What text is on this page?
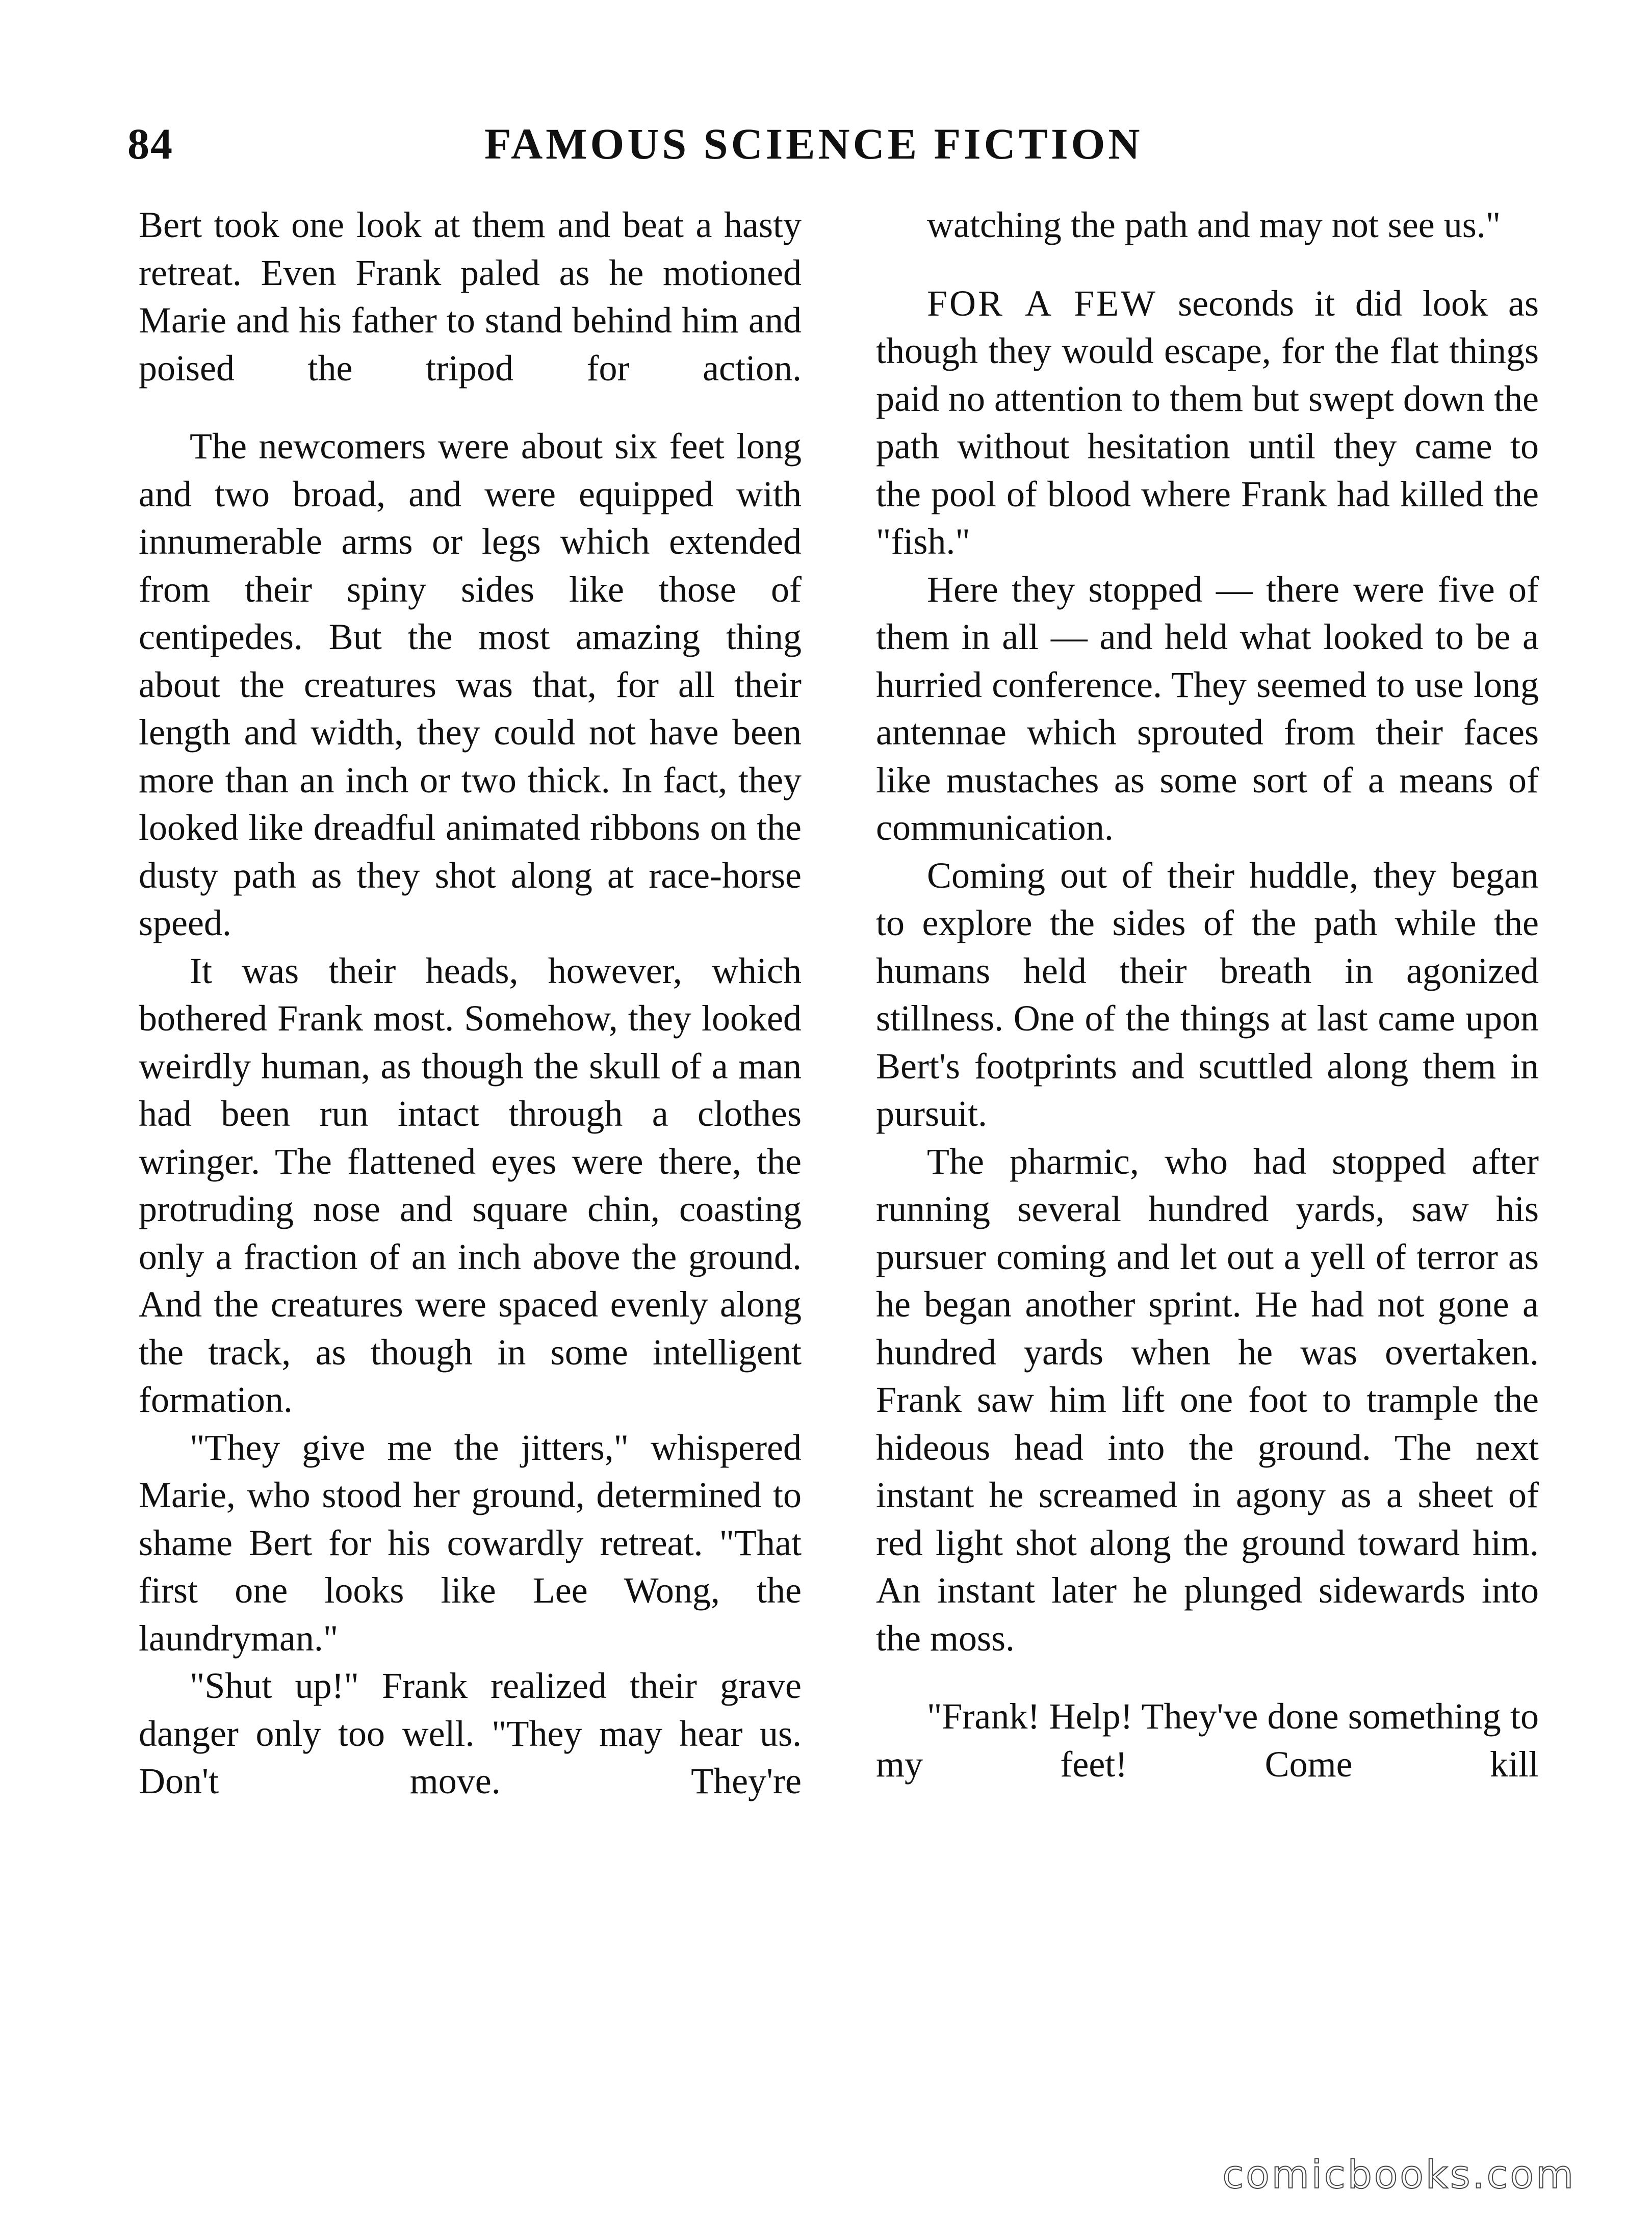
84	FAMOUS SCIENCE FICTION

Bert took one look at them and beat a hasty retreat. Even Frank paled as he motioned Marie and his father to stand behind him and poised the tripod for action.

The newcomers were about six feet long and two broad, and were equipped with innumerable arms or legs which extended from their spiny sides like those of centipedes. But the most amazing thing about the creatures was that, for all their length and width, they could not have been more than an inch or two thick. In fact, they looked like dreadful animated ribbons on the dusty path as they shot along at race-horse speed.

It was their heads, however, which bothered Frank most. Somehow, they looked weirdly human, as though the skull of a man had been run intact through a clothes wringer. The flattened eyes were there, the protruding nose and square chin, coasting only a fraction of an inch above the ground. And the creatures were spaced evenly along the track, as though in some intelligent formation.

"They give me the jitters," whispered Marie, who stood her ground, determined to shame Bert for his cowardly retreat. "That first one looks like Lee Wong, the laundryman."

"Shut up!" Frank realized their grave danger only too well. "They may hear us. Don't move. They're

watching the path and may not see us."

FOR A FEW seconds it did look as though they would escape, for the flat things paid no attention to them but swept down the path without hesitation until they came to the pool of blood where Frank had killed the "fish."

Here they stopped — there were five of them in all — and held what looked to be a hurried conference. They seemed to use long antennae which sprouted from their faces like mustaches as some sort of a means of communication.

Coming out of their huddle, they began to explore the sides of the path while the humans held their breath in agonized stillness. One of the things at last came upon Bert's footprints and scuttled along them in pursuit.

The pharmic, who had stopped after running several hundred yards, saw his pursuer coming and let out a yell of terror as he began another sprint. He had not gone a hundred yards when he was overtaken. Frank saw him lift one foot to trample the hideous head into the ground. The next instant he screamed in agony as a sheet of red light shot along the ground toward him. An instant later he plunged sidewards into the moss.

"Frank! Help! They've done something to my feet! Come kill

comicbooks.com
